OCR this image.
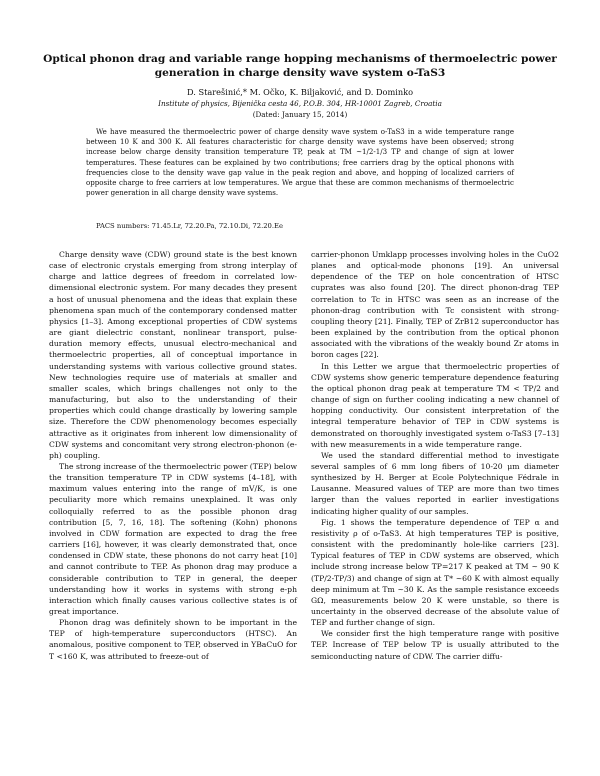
Optical phonon drag and variable range hopping mechanisms of thermoelectric power generation in charge density wave system o-TaS3
D. Starešinić,* M. Očko, K. Biljaković, and D. Dominko
Institute of physics, Bijenička cesta 46, P.O.B. 304, HR-10001 Zagreb, Croatia
(Dated: January 15, 2014)
We have measured the thermoelectric power of charge density wave system o-TaS3 in a wide temperature range between 10 K and 300 K. All features characteristic for charge density wave systems have been observed; strong increase below charge density transition temperature TP, peak at TM ~1/2-1/3 TP and change of sign at lower temperatures. These features can be explained by two contributions; free carriers drag by the optical phonons with frequencies close to the density wave gap value in the peak region and above, and hopping of localized carriers of opposite charge to free carriers at low temperatures. We argue that these are common mechanisms of thermoelectric power generation in all charge density wave systems.
PACS numbers: 71.45.Lr, 72.20.Pa, 72.10.Di, 72.20.Ee

Charge density wave (CDW) ground state is the best known case of electronic crystals emerging from strong interplay of charge and lattice degrees of freedom in correlated low-dimensional electronic system. For many decades they present a host of unusual phenomena and the ideas that explain these phenomena span much of the contemporary condensed matter physics [1–3]. Among exceptional properties of CDW systems are giant dielectric constant, nonlinear transport, pulse-duration memory effects, unusual electro-mechanical and thermoelectric properties, all of conceptual importance in understanding systems with various collective ground states. New technologies require use of materials at smaller and smaller scales, which brings challenges not only to the manufacturing, but also to the understanding of their properties which could change drastically by lowering sample size. Therefore the CDW phenomenology becomes especially attractive as it originates from inherent low dimensionality of CDW systems and concomitant very strong electron-phonon (e-ph) coupling.

The strong increase of the thermoelectric power (TEP) below the transition temperature TP in CDW systems [4–18], with maximum values entering into the range of mV/K, is one peculiarity more which remains unexplained. It was only colloquially referred to as the possible phonon drag contribution [5, 7, 16, 18]. The softening (Kohn) phonons involved in CDW formation are expected to drag the free carriers [16], however, it was clearly demonstrated that, once condensed in CDW state, these phonons do not carry heat [10] and cannot contribute to TEP. As phonon drag may produce a considerable contribution to TEP in general, the deeper understanding how it works in systems with strong e-ph interaction which finally causes various collective states is of great importance.

Phonon drag was definitely shown to be important in the TEP of high-temperature superconductors (HTSC). An anomalous, positive component to TEP, observed in YBaCuO for T <160 K, was attributed to freeze-out of

carrier-phonon Umklapp processes involving holes in the CuO2 planes and optical-mode phonons [19]. An universal dependence of the TEP on hole concentration of HTSC cuprates was also found [20]. The direct phonon-drag TEP correlation to Tc in HTSC was seen as an increase of the phonon-drag contribution with Tc consistent with strong-coupling theory [21]. Finally, TEP of ZrB12 superconductor has been explained by the contribution from the optical phonon associated with the vibrations of the weakly bound Zr atoms in boron cages [22].

In this Letter we argue that thermoelectric properties of CDW systems show generic temperature dependence featuring the optical phonon drag peak at temperature TM < TP/2 and change of sign on further cooling indicating a new channel of hopping conductivity. Our consistent interpretation of the integral temperature behavior of TEP in CDW systems is demonstrated on thoroughly investigated system o-TaS3 [7–13] with new measurements in a wide temperature range.

We used the standard differential method to investigate several samples of 6 mm long fibers of 10-20 μm diameter synthesized by H. Berger at Ecole Polytechnique Fédrale in Lausanne. Measured values of TEP are more than two times larger than the values reported in earlier investigations indicating higher quality of our samples.

Fig. 1 shows the temperature dependence of TEP α and resistivity ρ of o-TaS3. At high temperatures TEP is positive, consistent with the predominantly hole-like carriers [23]. Typical features of TEP in CDW systems are observed, which include strong increase below TP=217 K peaked at TM ~ 90 K (TP/2-TP/3) and change of sign at T* ~60 K with almost equally deep minimum at Tm ~30 K. As the sample resistance exceeds GΩ, measurements below 20 K were unstable, so there is uncertainty in the observed decrease of the absolute value of TEP and further change of sign.

We consider first the high temperature range with positive TEP. Increase of TEP below TP is usually attributed to the semiconducting nature of CDW. The carrier diffu-
